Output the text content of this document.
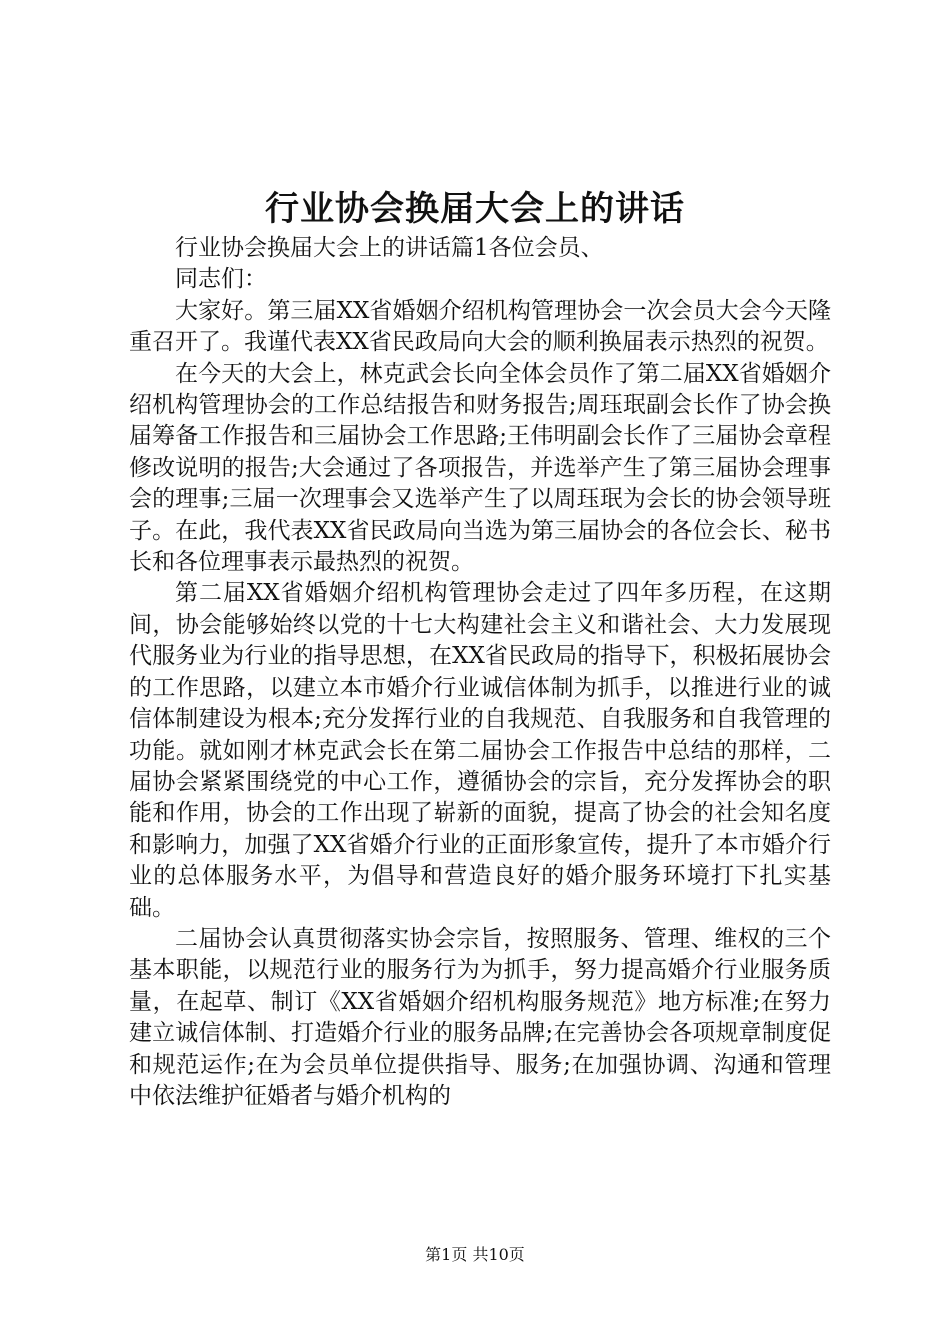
行业协会换届大会上的讲话

行业协会换届大会上的讲话篇1各位会员、

同志们：

大家好。第三届XX省婚姻介绍机构管理协会一次会员大会今天隆重召开了。我谨代表XX省民政局向大会的顺利换届表示热烈的祝贺。

在今天的大会上，林克武会长向全体会员作了第二届XX省婚姻介绍机构管理协会的工作总结报告和财务报告;周珏珉副会长作了协会换届筹备工作报告和三届协会工作思路;王伟明副会长作了三届协会章程修改说明的报告;大会通过了各项报告，并选举产生了第三届协会理事会的理事;三届一次理事会又选举产生了以周珏珉为会长的协会领导班子。在此，我代表XX省民政局向当选为第三届协会的各位会长、秘书长和各位理事表示最热烈的祝贺。

第二届XX省婚姻介绍机构管理协会走过了四年多历程，在这期间，协会能够始终以党的十七大构建社会主义和谐社会、大力发展现代服务业为行业的指导思想，在XX省民政局的指导下，积极拓展协会的工作思路，以建立本市婚介行业诚信体制为抓手，以推进行业的诚信体制建设为根本;充分发挥行业的自我规范、自我服务和自我管理的功能。就如刚才林克武会长在第二届协会工作报告中总结的那样，二届协会紧紧围绕党的中心工作，遵循协会的宗旨，充分发挥协会的职能和作用，协会的工作出现了崭新的面貌，提高了协会的社会知名度和影响力，加强了XX省婚介行业的正面形象宣传，提升了本市婚介行业的总体服务水平，为倡导和营造良好的婚介服务环境打下扎实基础。

二届协会认真贯彻落实协会宗旨，按照服务、管理、维权的三个基本职能，以规范行业的服务行为为抓手，努力提高婚介行业服务质量，在起草、制订《XX省婚姻介绍机构服务规范》地方标准;在努力建立诚信体制、打造婚介行业的服务品牌;在完善协会各项规章制度促和规范运作;在为会员单位提供指导、服务;在加强协调、沟通和管理中依法维护征婚者与婚介机构的

第1页 共10页
